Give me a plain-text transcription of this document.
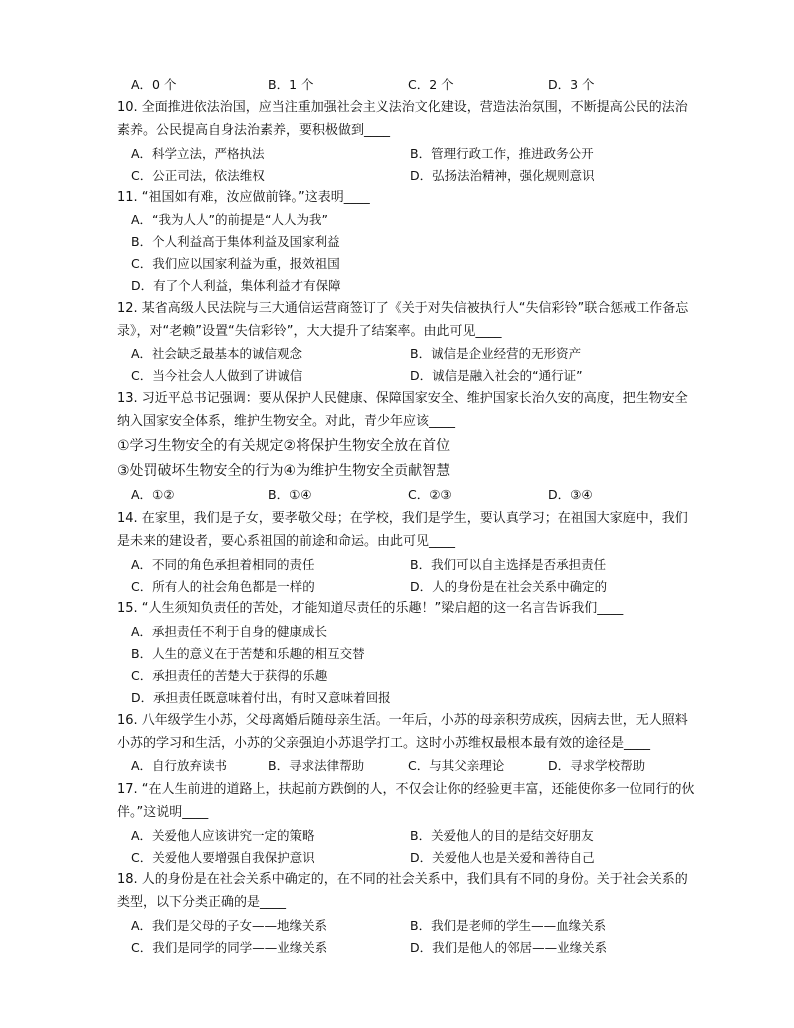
A．0 个	B．1 个	C．2 个	D．3 个
10. 全面推进依法治国，应当注重加强社会主义法治文化建设，营造法治氛围，不断提高公民的法治
素养。公民提高自身法治素养，要积极做到____
A．科学立法，严格执法	B．管理行政工作，推进政务公开
C．公正司法，依法维权	D．弘扬法治精神，强化规则意识
11. “祖国如有难，汝应做前锋。”这表明____
A．“我为人人”的前提是“人人为我”
B．个人利益高于集体利益及国家利益
C．我们应以国家利益为重，报效祖国
D．有了个人利益，集体利益才有保障
12. 某省高级人民法院与三大通信运营商签订了《关于对失信被执行人“失信彩铃”联合惩戒工作备忘
录》，对“老赖”设置“失信彩铃”，大大提升了结案率。由此可见____
A．社会缺乏最基本的诚信观念	B．诚信是企业经营的无形资产
C．当今社会人人做到了讲诚信	D．诚信是融入社会的“通行证”
13. 习近平总书记强调：要从保护人民健康、保障国家安全、维护国家长治久安的高度，把生物安全
纳入国家安全体系，维护生物安全。对此，青少年应该____
①学习生物安全的有关规定②将保护生物安全放在首位
③处罚破坏生物安全的行为④为维护生物安全贡献智慧
A．①②	B．①④	C．②③	D．③④
14. 在家里，我们是子女，要孝敬父母；在学校，我们是学生，要认真学习；在祖国大家庭中，我们
是未来的建设者，要心系祖国的前途和命运。由此可见____
A．不同的角色承担着相同的责任	B．我们可以自主选择是否承担责任
C．所有人的社会角色都是一样的	D．人的身份是在社会关系中确定的
15. “人生须知负责任的苦处，才能知道尽责任的乐趣！”梁启超的这一名言告诉我们____
A．承担责任不利于自身的健康成长
B．人生的意义在于苦楚和乐趣的相互交替
C．承担责任的苦楚大于获得的乐趣
D．承担责任既意味着付出，有时又意味着回报
16. 八年级学生小苏，父母离婚后随母亲生活。一年后，小苏的母亲积劳成疾，因病去世，无人照料
小苏的学习和生活，小苏的父亲强迫小苏退学打工。这时小苏维权最根本最有效的途径是____
A．自行放弃读书	B．寻求法律帮助	C．与其父亲理论	D．寻求学校帮助
17. “在人生前进的道路上，扶起前方跌倒的人，不仅会让你的经验更丰富，还能使你多一位同行的伙
伴。”这说明____
A．关爱他人应该讲究一定的策略	B．关爱他人的目的是结交好朋友
C．关爱他人要增强自我保护意识	D．关爱他人也是关爱和善待自己
18. 人的身份是在社会关系中确定的，在不同的社会关系中，我们具有不同的身份。关于社会关系的
类型，以下分类正确的是____
A．我们是父母的子女——地缘关系	B．我们是老师的学生——血缘关系
C．我们是同学的同学——业缘关系	D．我们是他人的邻居——业缘关系
